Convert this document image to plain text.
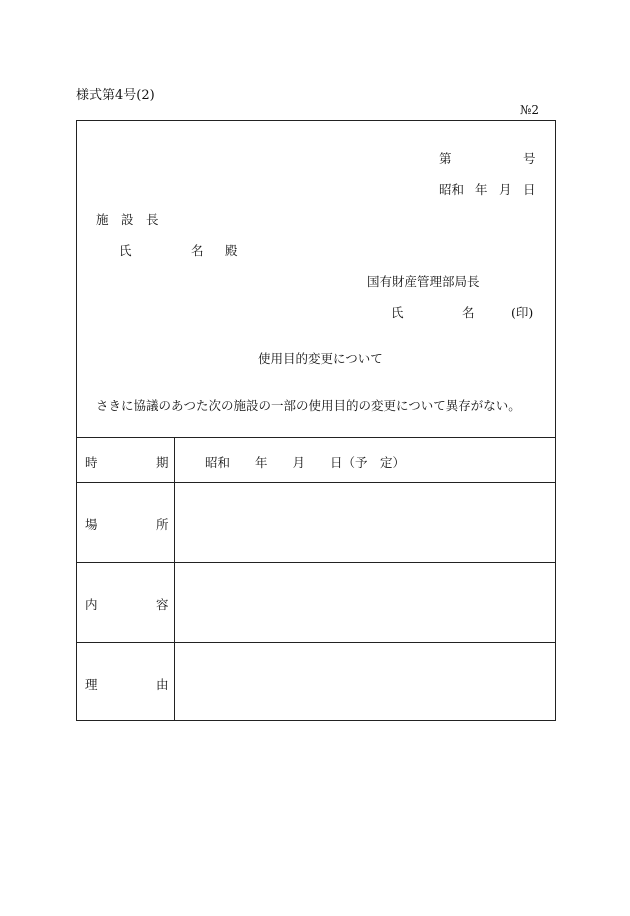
様式第4号(2)
№2
第	号
昭和 年 月 日
施　設　長
氏	名 殿
国有財産管理部局長
氏	名	(印)
使用目的変更について
さきに協議のあつた次の施設の一部の使用目的の変更について異存がない。
時	期	昭和　　年　　月　　日（予　定）
場	所
内	容
理	由
